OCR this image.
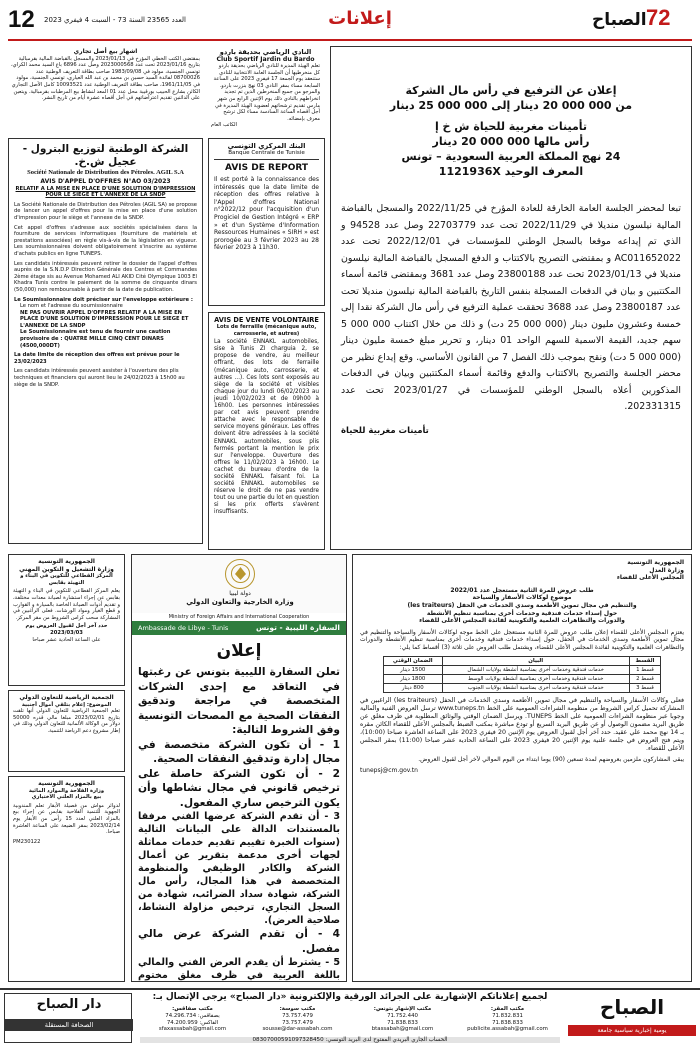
12 العدد 23565 السنة 73 - السبت 4 فيفري 2023	إعلانات	72
الصباح
اشهار بيع أصل تجاري
بمقتضى الكتب الخطي المؤرخ في 2023/01/13 والمسجل بالقباضة المالية بقرمبالية بتاريخ 2023/01/16 تحت عدد 2023000568 وصل عدد 6896 باع السيد محمد الكراي، تونسي الجنسية، مولود في 1983/09/08 صاحب بطاقة التعريف الوطنية عدد 08700026 لفائدة السيد حسين بن محمد بن عبد الله العياري، تونسي الجنسية، مولود في 1961/11/05، صاحب بطاقة التعريف الوطنية عدد 10093521 كامل الأصل التجاري الكائن بشارع الحبيب بورقيبة محل عدد 01 المعد لنشاط بيع المرطبات بقرمبالية. ويتعين على الدائنين تقديم اعتراضاتهم في أجل أقصاه عشرة أيام من تاريخ النشر.
النادي الرياضي بحديقة باردو
Club Sportif Jardin du Bardo
تعلم الهيئة المديرة للنادي الرياضي بحديقة باردو كل منخرطيها أن الجلسة العامة الانتخابية للنادي ستنعقد يوم الجمعة 17 فيفري 2023 على الساعة السابعة مساء بمقر النادي 03 نهج بنزرت باردو. والمرجو من جميع المنخرطين الذين تم تجديد انخراطهم بالنادي ذلك يوم الإثنين الرابع من شهر مارس تقديم ترشحاتهم لعضوية الهيئة المديرة في أجل أقصاه الساعة السادسة مساء لكل ترشح معرف بإمضائه.
الكاتب العام
إعلان عن الترفيع في رأس مال الشركة
من 000 000 20 دينار إلى 000 000 25 دينار
تأمينات مغربية للحياة ش خ إ
رأس مالها 000 000 20 دينار
24 نهج المملكة العربية السعودية – تونس
المعرف الوحيد 1121936X
تبعا لمحضر الجلسة العامة الخارقة للعادة المؤرخ في 2022/11/25 والمسجل بالقباضة المالية نيلسون منديلا في 2022/11/29 تحت عدد 22703779 وصل عدد 94528 و الذي تم إيداعه موقعا بالسجل الوطني للمؤسسات في 2022/12/01 تحت عدد AC011652022 و بمقتضى التصريح بالاكتتاب و الدفع المسجل بالقباضة المالية نيلسون منديلا في 2023/01/13 تحت عدد 23800188 وصل عدد 3681 وبمقتضى قائمة أسماء المكتتبين و بيان في الدفعات المسجلة بنفس التاريخ بالقباضة المالية نيلسون منديلا تحت عدد 23800187 وصل عدد 3688 تحققت عملية الترفيع في رأس مال الشركة نقدا إلى خمسة وعشرون مليون دينار (000 000 25 دت) و ذلك من خلال اكتتاب 000 000 5 سهم جديد، القيمة الاسمية للسهم الواحد 01 دينار، و تحرير مبلغ خمسة مليون دينار (000 000 5 دت) ونقح بموجب ذلك الفصل 7 من القانون الأساسي. وقع إيداع نظير من محضر الجلسة والتصريح بالاكتتاب والدفع وقائمة أسماء المكتتبين وبيان في الدفعات المذكورين أعلاه بالسجل الوطني للمؤسسات في 2023/01/27 تحت عدد 202331315.
تأمينات مغربية للحياة
الشركة الوطنية لتوزيع البترول - عجيل ش.خ.
Société Nationale de Distribution des Pétroles. AGIL S.A
AVIS D'APPEL D'OFFRES N°AO 03/2023
RELATIF A LA MISE EN PLACE D'UNE SOLUTION D'IMPRESSION POUR LE SIEGE ET L'ANNEXE DE LA SNDP
La Société Nationale de Distribution des Pétroles (AGIL SA) se propose de lancer un appel d'offres pour la mise en place d'une solution d'impression pour le siège et l'annexe de la SNDP.
Cet appel d'offres s'adresse aux sociétés spécialisées dans la fourniture de services informatiques (fourniture de matériels et prestations associées) en règle vis-à-vis de la législation en vigueur. Les soumissionnaires doivent obligatoirement s'inscrire au système d'achats publics en ligne TUNEPS.
Les candidats intéressés peuvent retirer le dossier de l'appel d'offres auprès de la S.N.D.P Direction Générale des Centres et Commandes 2ème étage sis au Avenue Mohamed ALI AKID Cité Olympique 1003 El Khadra Tunis contre le paiement de la somme de cinquante dinars (50,000) non remboursable à partir de la date de publication.
Le Soumissionnaire doit préciser sur l'enveloppe extérieure :
Le nom et l'adresse du soumissionnaire
NE PAS OUVRIR APPEL D'OFFRES RELATIF A LA MISE EN PLACE D'UNE SOLUTION D'IMPRESSION POUR LE SIEGE ET L'ANNEXE DE LA SNDP
Le Soumissionnaire est tenu de fournir une caution provisoire de : QUATRE MILLE CINQ CENT DINARS (4500,000DT)
La date limite de réception des offres est prévue pour le 23/02/2023
Les candidats intéressés peuvent assister à l'ouverture des plis techniques et financiers qui auront lieu le 24/02/2023 à 15h00 au siège de la SNDP.
البنك المركزي التونسي
Banque Centrale de Tunisie
AVIS DE REPORT
Il est porté à la connaissance des intéressés que la date limite de réception des offres relative à l'Appel d'offres National n°2022/12 pour l'acquisition d'un Progiciel de Gestion Intégré « ERP » et d'un Système d'Information Ressources Humaines « SIRH » est prorogée au 3 février 2023 au 28 février 2023 à 11h30.
AVIS DE VENTE VOLONTAIRE
Lots de ferraille (mécanique auto, carrosserie, et autres)
La société ENNAKL automobiles, sise à Tunis ZI charguia 2, se propose de vendre, au meilleur offrant, des lots de ferraille (mécanique auto, carrosserie, et autres …). Ces lots sont exposés au siège de la société et visibles chaque jour du lundi 06/02/2023 au jeudi 10/02/2023 et de 09h00 à 16h00. Les personnes intéressées par cet avis peuvent prendre attache avec le responsable de service moyens généraux. Les offres doivent être adressées à la société ENNAKL automobiles, sous plis fermés portant la mention le prix sur l'enveloppe. Ouverture des offres le 11/02/2023 à 16h00. Le cachet du bureau d'ordre de la société ENNAKL faisant foi. La société ENNAKL automobiles se réserve le droit de ne pas vendre tout ou une partie du lot en question si les prix offerts s'avèrent insuffisants.
الجمهورية التونسية
وزارة التشغيل و التكوين المهني
المركز القطاعي للتكوين في البناء و التهيئة بقابس
يعلم المركز القطاعي للتكوين في البناء و التهيئة بقابس عن إجراء استشارة لصيانة معدات مختلفة، و تقديم أدوات الصيانة الخاصة بالسيارة و القوارب و قطع الغيار ومواد الورشات. فعلى الراغبين في المشاركة سحب كراس الشروط من مقر المركز.
حدد آخر أجل لقبول العروض يوم 2023/03/03
على الساعة الحادية عشر صباحا
الجمعية الرياضية للتعاون الدولي
الموضوع: إعلام بتلقي أموال أجنبية
تعلم الجمعية الرياضية للتعاون الدولي أنها تلقت بتاريخ 2023/02/01 مبلغا مالي قدره 50000 دولار من الوكالة الألمانية للتعاون الدولي وذلك في إطار مشروع دعم الرياضة للتنمية.
الجمهورية التونسية
وزارة الفلاحة والموارد المائية
بيع بالمزاد العلني الاختياري
لدوائر مواش من فصيلة الأبقار تعلم المندوبية الجهوية للتنمية الفلاحية بقابس عن إجراء بيع بالمزاد العلني لعدد 15 رأس من الأبقار يوم 2023/02/14 بمقر الضيعة على الساعة العاشرة صباحا.
PM230122
دولة ليبيا
وزارة الخارجية والتعاون الدولي
Ministry of Foreign Affairs and International Cooperation
Ambassade de Libye - Tunis	السفارة الليبية - تونس
إعلان
تعلن السفارة الليبية بتونس عن رغبتها في التعاقد مع إحدى الشركات المتخصصة في مراجعة وتدقيق النفقات الصحية مع المصحات التونسية وفق الشروط التالية:
1 - أن تكون الشركة متخصصة في مجال إدارة وتدقيق النفقات الصحية.
2 - أن تكون الشركة حاصلة على ترخيص قانوني في مجال نشاطها وأن يكون الترخيص ساري المفعول.
3 - أن تقدم الشركة عرضها الفني مرفقا بالمستندات الدالة على البيانات التالية (سنوات الخبرة تقييم تقديم خدمات مماثلة لجهات أخرى مدعمة بتقرير عن أعمال الشركة والكادر الوظيفي والمنظومة المتخصصة في هذا المجال، رأس مال الشركة، شهادة سداد الضرائب، شهادة من السجل التجاري، ترخيص مزاولة النشاط، صلاحية العرض).
4 - أن تقدم الشركة عرض مالي مفصل.
5 - يشترط أن يقدم العرض الفني والمالي باللغة العربية في ظرف مغلق مختوم
الجمهورية التونسية
وزارة العدل
المجلس الأعلى للقضاء
طلب عروض للمرة الثانية مستعجل عدد 2022/01
موضوع لوكالات الأسفار والسياحة
والتنظيم في مجال تموين الأطعمة وسدي الخدمات في الحفل (les traiteurs)
حول إسداء خدمات فندقية وخدمات أخرى بمناسبة تنظيم الأنشطة
والدورات والتظاهرات العلمية والتكوينية لفائدة المجلس الأعلى للقضاء
يعتزم المجلس الأعلى للقضاء إعلان طلب عروض للمرة الثانية مستعجل على الخط موجه لوكالات الأسفار والسياحة والتنظيم في مجال تموين الأطعمة وسدي الخدمات في الحفل، حول إسداء خدمات فندقية وخدمات أخرى بمناسبة تنظيم الأنشطة والدورات والتظاهرات العلمية والتكوينية لفائدة المجلس الأعلى للقضاء، ويشتمل طلب العروض على ثلاثة (3) أقساط كما يلي:
القسط	البيان	الضمان الوقتي
قسط 1	خدمات فندقية وخدمات أخرى بمناسبة أنشطة بولايات الشمال	1500 دينار
قسط 2	خدمات فندقية وخدمات أخرى بمناسبة أنشطة بولايات الوسط	1800 دينار
قسط 3	خدمات فندقية وخدمات أخرى بمناسبة أنشطة بولايات الجنوب	800 دينار
فعلى وكالات الأسفار والسياحة والتنظيم في مجال تموين الأطعمة وسدي الخدمات في الحفل (les traiteurs) الراغبين في المشاركة تحميل كراس الشروط من منظومة الشراءات العمومية على الخط www.tuneps.tn ترسل العروض الفنية والمالية وجوبا عبر منظومة الشراءات العمومية على الخط TUNEPS. ويرسل الضمان الوقتي والوثائق المطلوبة في ظرف مغلق عن طريق البريد مضمون الوصول أو عن طريق البريد السريع أو تودع مباشرة بمكتب الضبط بالمجلس الأعلى للقضاء الكائن مقره بـ 14 نهج محمد علي عقيد. حدد آخر أجل لقبول العروض يوم الإثنين 20 فيفري 2023 على الساعة العاشرة صباحا (10:00)، ويتم فتح العروض في جلسة علنية يوم الإثنين 20 فيفري 2023 على الساعة الحادية عشر صباحا (11:00) بمقر المجلس الأعلى للقضاء.
يبقى المشاركون ملزمين بعروضهم لمدة تسعين (90) يوما ابتداء من اليوم الموالي لآخر أجل لقبول العروض.
tunepsj@cm.gov.tn
دار الصباح
الصحافة المستقلة
لجميع إعلاناتكم الإشهارية على الجرائد الورقية والإلكترونية «دار الصباح» يرجى الإتصال بـ:
مكتب صفاقس:
بصفاقس: 74.296.734
الفاكس: 74.200.959
sfaxassabah@gmail.com
مكتب سوسة:
73.757.479
73.757.479
sousse@dar-assabah.com
مكتب الإشهار بتونس:
71.752.440
71.838.833
btassabah@gmail.com
مكتب المقر:
71.832.831
71.838.833
publicite.assabah@gmail.com
الحساب الجاري البريدي المفتوح لدى البريد التونسي: 08307000591097328450
الصباح
يومية إخبارية سياسية جامعة
